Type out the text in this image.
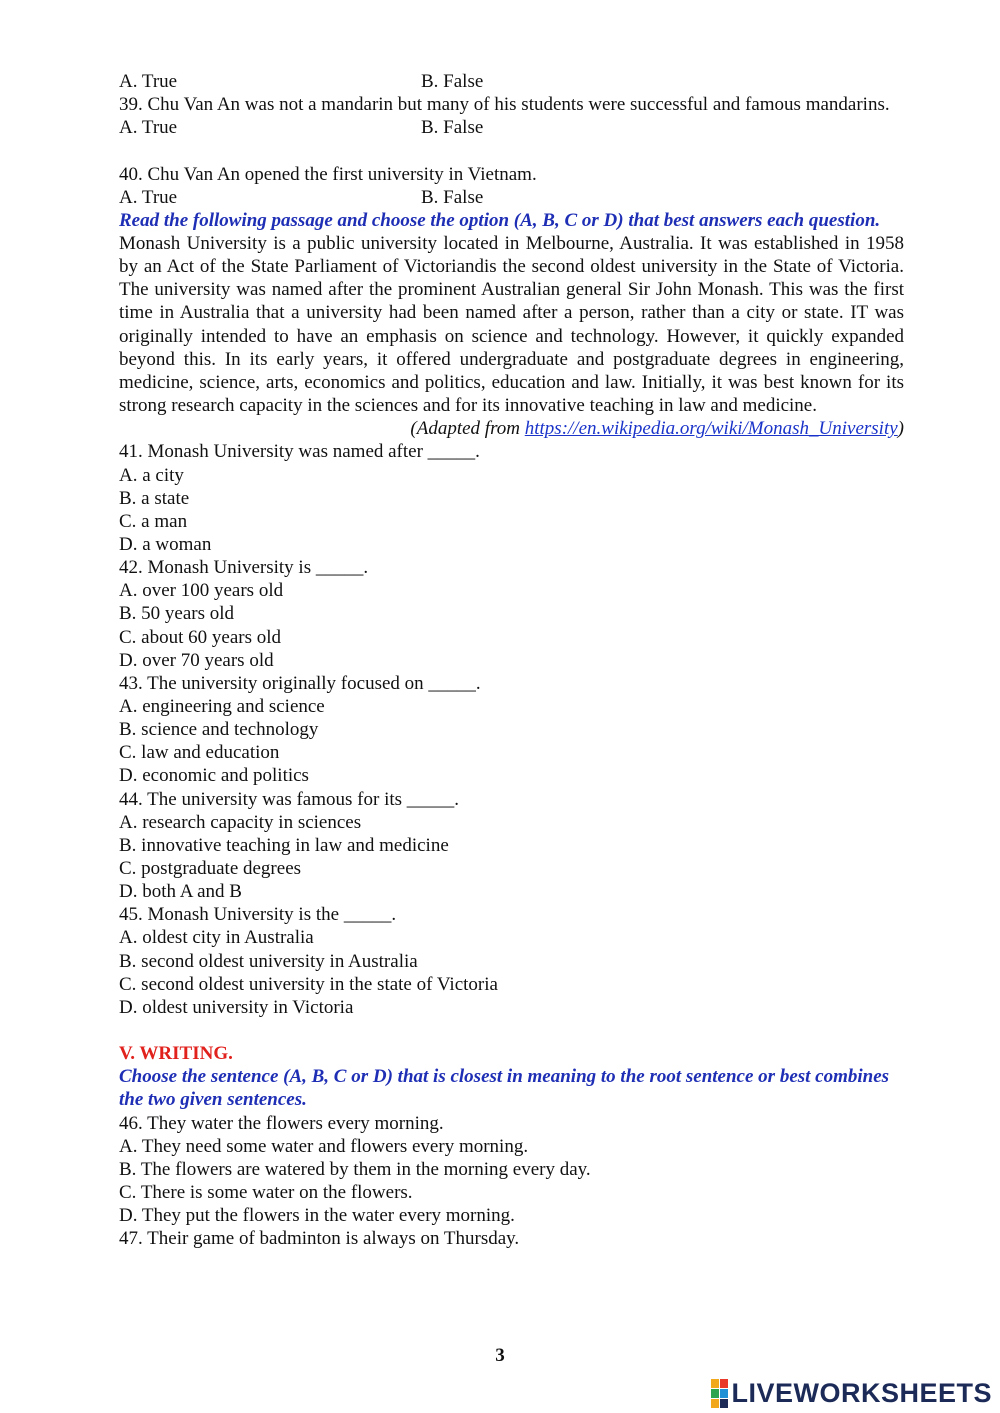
A. True	B. False
39. Chu Van An was not a mandarin but many of his students were successful and famous mandarins.
A. True	B. False
40. Chu Van An opened the first university in Vietnam.
A. True	B. False
Read the following passage and choose the option (A, B, C or D) that best answers each question.
Monash University is a public university located in Melbourne, Australia. It was established in 1958 by an Act of the State Parliament of Victoriandis the second oldest university in the State of Victoria. The university was named after the prominent Australian general Sir John Monash. This was the first time in Australia that a university had been named after a person, rather than a city or state. IT was originally intended to have an emphasis on science and technology. However, it quickly expanded beyond this. In its early years, it offered undergraduate and postgraduate degrees in engineering, medicine, science, arts, economics and politics, education and law. Initially, it was best known for its strong research capacity in the sciences and for its innovative teaching in law and medicine.
(Adapted from https://en.wikipedia.org/wiki/Monash_University)
41. Monash University was named after _____.
A. a city
B. a state
C. a man
D. a woman
42. Monash University is _____.
A. over 100 years old
B. 50 years old
C. about 60 years old
D. over 70 years old
43. The university originally focused on _____.
A. engineering and science
B. science and technology
C. law and education
D. economic and politics
44. The university was famous for its _____.
A. research capacity in sciences
B. innovative teaching in law and medicine
C. postgraduate degrees
D. both A and B
45. Monash University is the _____.
A. oldest city in Australia
B. second oldest university in Australia
C. second oldest university in the state of Victoria
D. oldest university in Victoria
V. WRITING.
Choose the sentence (A, B, C or D) that is closest in meaning to the root sentence or best combines the two given sentences.
46. They water the flowers every morning.
A. They need some water and flowers every morning.
B. The flowers are watered by them in the morning every day.
C. There is some water on the flowers.
D. They put the flowers in the water every morning.
47. Their game of badminton is always on Thursday.
3
LIVEWORKSHEETS
